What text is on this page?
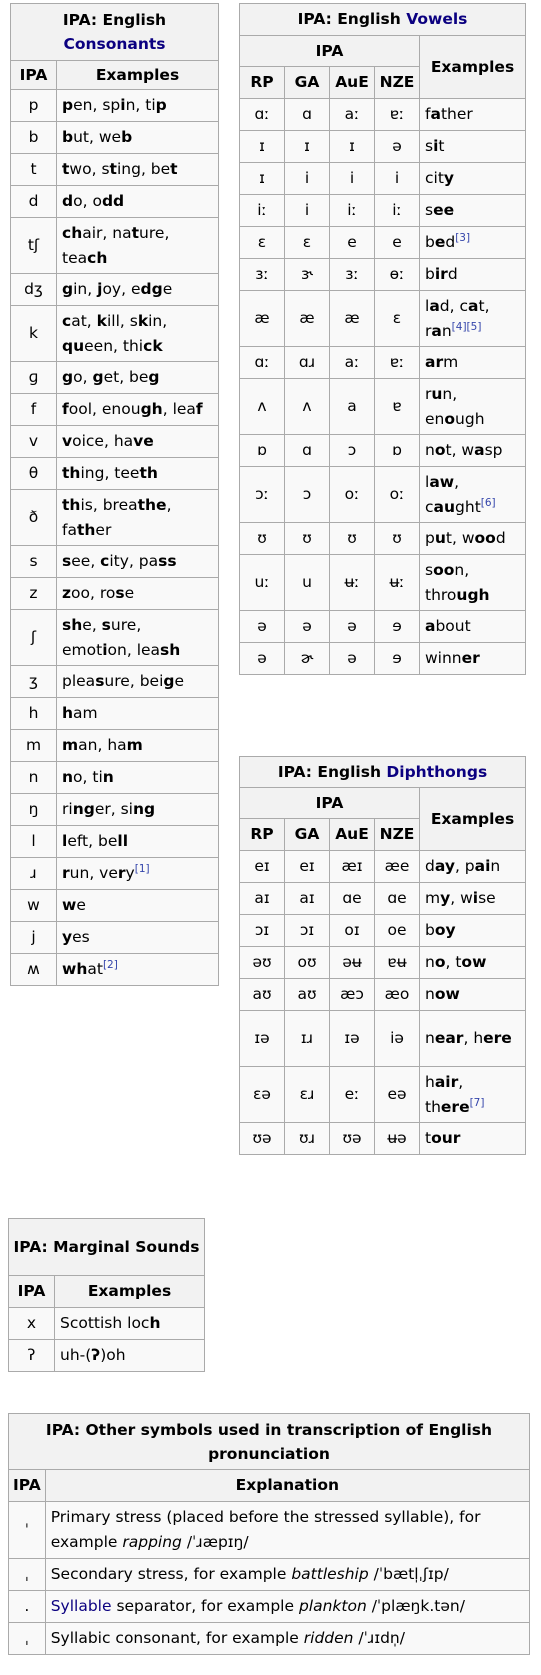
IPA: English
Consonants	
IPA	Examples
p	pen, spin, tip
b	but, web
t	two, sting, bet
d	do, odd
tʃ	chair, nature, teach
dʒ	gin, joy, edge
k	cat, kill, skin, queen, thick
ɡ	go, get, beg
f	fool, enough, leaf
v	voice, have
θ	thing, teeth
ð	this, breathe, father
s	see, city, pass
z	zoo, rose
ʃ	she, sure, emotion, leash
ʒ	pleasure, beige
h	ham
m	man, ham
n	no, tin
ŋ	ringer, sing
l	left, bell
ɹ	run, very[1]
w	we
j	yes
ʍ	what[2]
IPA: English Vowels				
IPA				Examples
RP	GA	AuE	NZE	
ɑː	ɑ	aː	ɐː	father
ɪ	ɪ	ɪ	ə	sit
ɪ	i	i	i	city
iː	i	iː	iː	see
ɛ	ɛ	e	e	bed[3]
ɜː	ɝ	ɜː	ɵː	bird
æ	æ	æ	ɛ	lad, cat, ran[4][5]
ɑː	ɑɹ	aː	ɐː	arm
ʌ	ʌ	a	ɐ	run, enough
ɒ	ɑ	ɔ	ɒ	not, wasp
ɔː	ɔ	oː	oː	law, caught[6]
ʊ	ʊ	ʊ	ʊ	put, wood
uː	u	ʉː	ʉː	soon, through
ə	ə	ə	ɘ	about
ə	ɚ	ə	ɘ	winner
IPA: English Diphthongs				
IPA				Examples
RP	GA	AuE	NZE	
eɪ	eɪ	æɪ	æe	day, pain
aɪ	aɪ	ɑe	ɑe	my, wise
ɔɪ	ɔɪ	oɪ	oe	boy
əʊ	oʊ	əʉ	ɐʉ	no, tow
aʊ	aʊ	æɔ	æo	now
ɪə	ɪɹ	ɪə	iə	near, here
ɛə	ɛɹ	eː	eə	hair, there[7]
ʊə	ʊɹ	ʊə	ʉə	tour
IPA: Marginal Sounds	
IPA	Examples
x	Scottish loch
ʔ	uh-(ʔ)oh
IPA: Other symbols used in transcription of English pronunciation	
IPA	Explanation
ˈ	Primary stress (placed before the stressed syllable), for example rapping /ˈɹæpɪŋ/
ˌ	Secondary stress, for example battleship /ˈbætl̩ˌʃɪp/
.	Syllable separator, for example plankton /ˈplæŋk.tən/
ˌ	Syllabic consonant, for example ridden /ˈɹɪdn̩/
